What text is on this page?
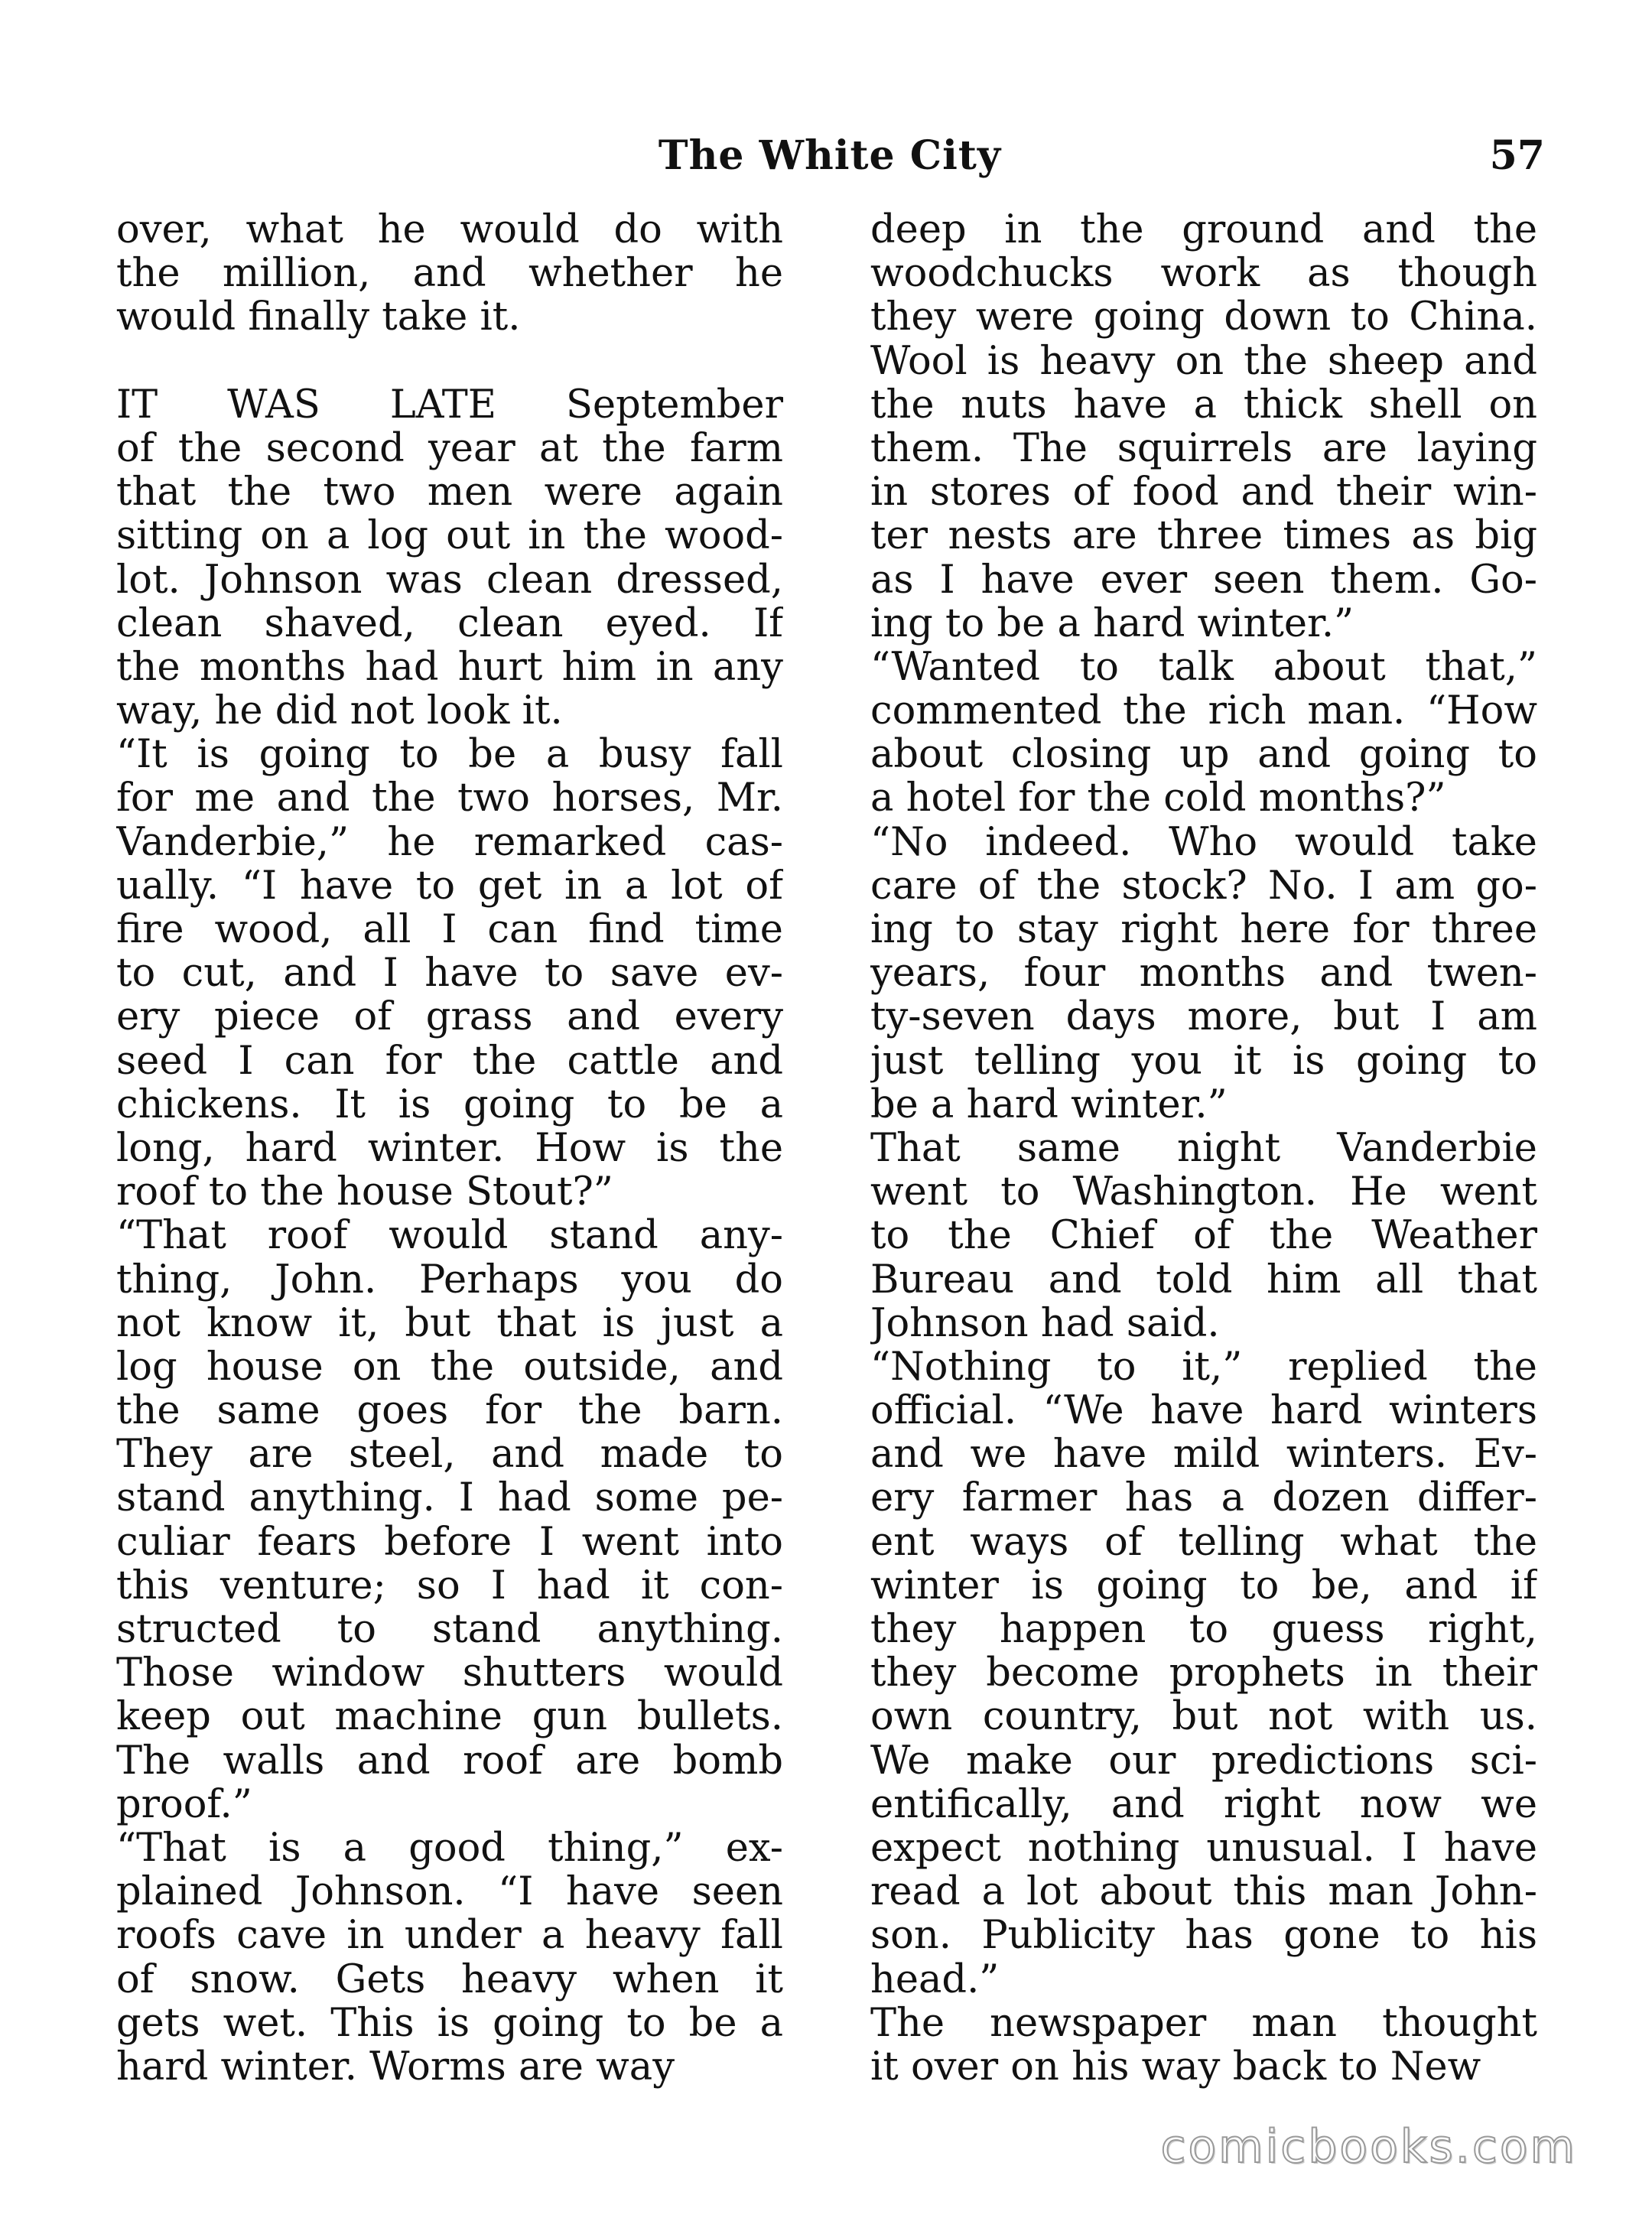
The White City	57
over, what he would do with
the million, and whether he
would finally take it.
IT WAS LATE September
of the second year at the farm
that the two men were again
sitting on a log out in the wood-
lot. Johnson was clean dressed,
clean shaved, clean eyed. If
the months had hurt him in any
way, he did not look it.
“It is going to be a busy fall
for me and the two horses, Mr.
Vanderbie,” he remarked cas-
ually. “I have to get in a lot of
fire wood, all I can find time
to cut, and I have to save ev-
ery piece of grass and every
seed I can for the cattle and
chickens. It is going to be a
long, hard winter. How is the
roof to the house Stout?”
“That roof would stand any-
thing, John. Perhaps you do
not know it, but that is just a
log house on the outside, and
the same goes for the barn.
They are steel, and made to
stand anything. I had some pe-
culiar fears before I went into
this venture; so I had it con-
structed to stand anything.
Those window shutters would
keep out machine gun bullets.
The walls and roof are bomb
proof.”
“That is a good thing,” ex-
plained Johnson. “I have seen
roofs cave in under a heavy fall
of snow. Gets heavy when it
gets wet. This is going to be a
hard winter. Worms are way
deep in the ground and the
woodchucks work as though
they were going down to China.
Wool is heavy on the sheep and
the nuts have a thick shell on
them. The squirrels are laying
in stores of food and their win-
ter nests are three times as big
as I have ever seen them. Go-
ing to be a hard winter.”
“Wanted to talk about that,”
commented the rich man. “How
about closing up and going to
a hotel for the cold months?”
“No indeed. Who would take
care of the stock? No. I am go-
ing to stay right here for three
years, four months and twen-
ty-seven days more, but I am
just telling you it is going to
be a hard winter.”
That same night Vanderbie
went to Washington. He went
to the Chief of the Weather
Bureau and told him all that
Johnson had said.
“Nothing to it,” replied the
official. “We have hard winters
and we have mild winters. Ev-
ery farmer has a dozen differ-
ent ways of telling what the
winter is going to be, and if
they happen to guess right,
they become prophets in their
own country, but not with us.
We make our predictions sci-
entifically, and right now we
expect nothing unusual. I have
read a lot about this man John-
son. Publicity has gone to his
head.”
The newspaper man thought
it over on his way back to New
comicbooks.com
